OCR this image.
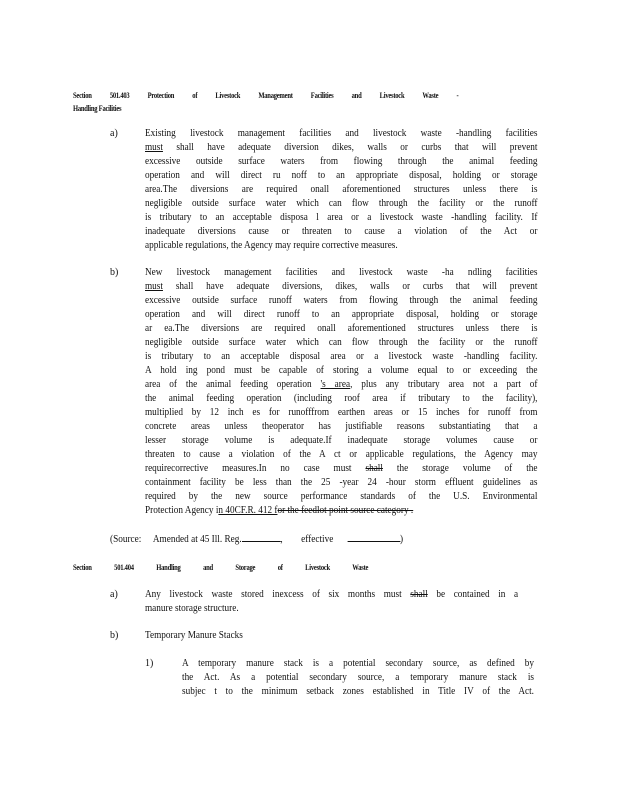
Section 501.403 Protection of Livestock Management Facilities and Livestock Waste -
Handling Facilities
a)	Existing livestock management facilities and livestock waste -handling facilities
must shall have adequate diversion dikes, walls or curbs that will prevent
excessive outside surface waters from flowing through the animal feeding
operation and will direct ru noff to an appropriate disposal, holding or storage
area.The diversions are required onall aforementioned structures unless there is
negligible outside surface water which can flow through the facility or the runoff
is tributary to an acceptable disposa l area or a livestock waste -handling facility. If
inadequate diversions cause or threaten to cause a violation of the Act or
applicable regulations, the Agency may require corrective measures.
b)	New livestock management facilities and livestock waste -ha ndling facilities
must shall have adequate diversions, dikes, walls or curbs that will prevent
excessive outside surface runoff waters from flowing through the animal feeding
operation and will direct runoff to an appropriate disposal, holding or storage
ar ea.The diversions are required onall aforementioned structures unless there is
negligible outside surface water which can flow through the facility or the runoff
is tributary to an acceptable disposal area or a livestock waste -handling facility.
A hold ing pond must be capable of storing a volume equal to or exceeding the
area of the animal feeding operation 's area, plus any tributary area not a part of
the animal feeding operation (including roof area if tributary to the facility),
multiplied by 12 inch es for runofffrom earthen areas or 15 inches for runoff from
concrete areas unless theoperator has justifiable reasons substantiating that a
lesser storage volume is adequate.If inadequate storage volumes cause or
threaten to cause a violation of the A ct or applicable regulations, the Agency may
requirecorrective measures.In no case must shall the storage volume of the
containment facility be less than the 25 -year 24 -hour storm effluent guidelines as
required by the new source performance standards of the U.S. Environmental
Protection Agency in 40CF.R. 412 for the feedlot point source category .
(Source: Amended at 45 Ill. Reg.	, effective	)
Section 501.404 Handling and Storage of Livestock Waste
a)	Any livestock waste stored inexcess of six months must shall be contained in a
manure storage structure.
b)	Temporary Manure Stacks
1)	A temporary manure stack is a potential secondary source, as defined by
the Act. As a potential secondary source, a temporary manure stack is
subjec t to the minimum setback zones established in Title IV of the Act.
